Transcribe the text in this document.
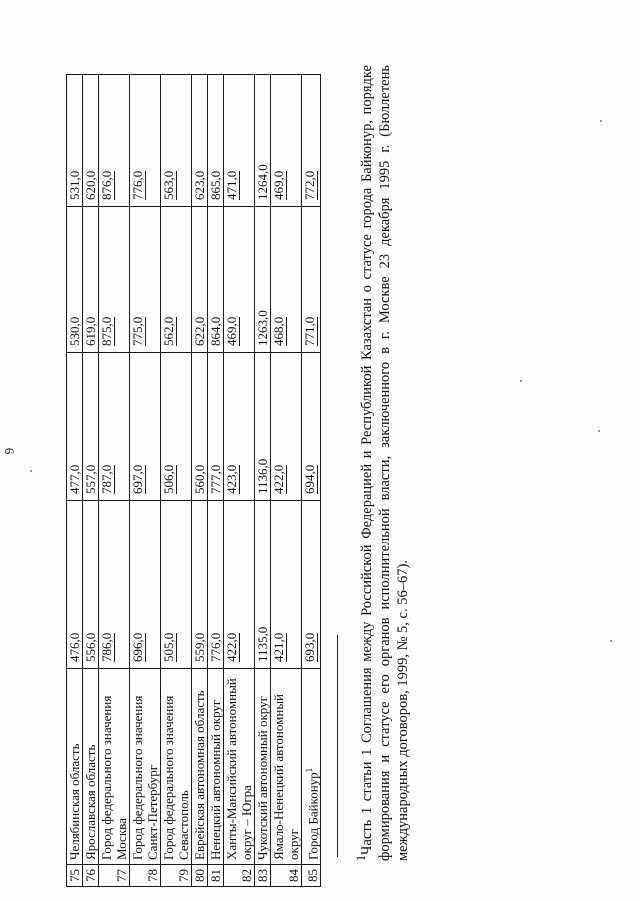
6
75	Челябинская область	476,0	477,0	530,0	531,0
76	Ярославская область	556,0	557,0	619,0	620,0
77	Город федерального значения Москва	786,0	787,0	875,0	876,0
78	Город федерального значения Санкт-Петербург	696,0	697,0	775,0	776,0
79	Город федерального значения Севастополь	505,0	506,0	562,0	563,0
80	Еврейская автономная область	559,0	560,0	622,0	623,0
81	Ненецкий автономный округ	776,0	777,0	864,0	865,0
82	Ханты-Мансийский автономный округ – Югра	422,0	423,0	469,0	471,0
83	Чукотский автономный округ	1135,0	1136,0	1263,0	1264,0
84	Ямало-Ненецкий автономный округ	421,0	422,0	468,0	469,0
85	Город Байконур$^1$	693,0	694,0	771,0	772,0
$^1$Часть 1 статьи 1 Соглашения между Российской Федерацией и Республикой Казахстан о статусе города Байконур, порядке формирования и статусе его органов исполнительной власти, заключенного в г. Москве 23 декабря 1995 г. (Бюллетень международных договоров, 1999, № 5, с. 56–67).
